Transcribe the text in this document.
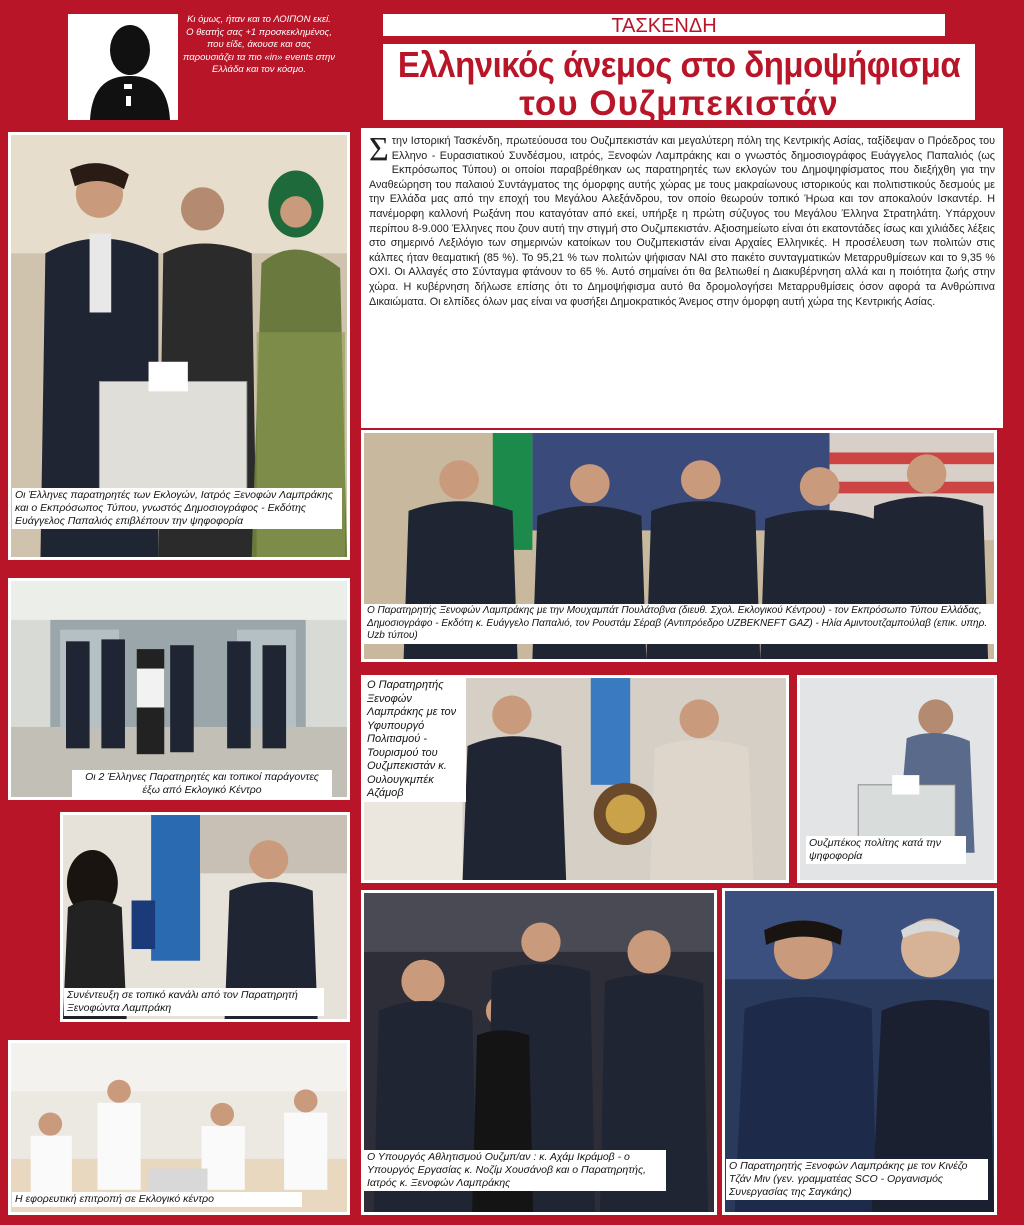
Κι όμως, ήταν και το ΛΟΙΠΟΝ εκεί. Ο θεατής σας +1 προσκεκλημένος, που είδε, άκουσε και σας παρουσιάζει τα πιο «in» events στην Ελλάδα και τον κόσμο.
ΤΑΣΚΕΝΔΗ
Ελληνικός άνεμος στο δημοψήφισμα
του Ουζμπεκιστάν
Στην Ιστορική Τασκένδη, πρωτεύουσα του Ουζμπεκιστάν και μεγαλύτερη πόλη της Κεντρικής Ασίας, ταξίδεψαν ο Πρόεδρος του Ελληνο - Ευρασιατικού Συνδέσμου, ιατρός, Ξενοφών Λαμπράκης και ο γνωστός δημοσιογράφος Ευάγγελος Παπαλιός (ως Εκπρόσωπος Τύπου) οι οποίοι παραβρέθηκαν ως παρατηρητές των εκλογών του Δημοψηφίσματος που διεξήχθη για την Αναθεώρηση του παλαιού Συντάγματος της όμορφης αυτής χώρας με τους μακραίωνους ιστορικούς και πολιτιστικούς δεσμούς με την Ελλάδα μας από την εποχή του Μεγάλου Αλεξάνδρου, τον οποίο θεωρούν τοπικό Ήρωα και τον αποκαλούν Ισκαντέρ. Η πανέμορφη καλλονή Ρωξάνη που καταγόταν από εκεί, υπήρξε η πρώτη σύζυγος του Μεγάλου Έλληνα Στρατηλάτη. Υπάρχουν περίπου 8-9.000 Έλληνες που ζουν αυτή την στιγμή στο Ουζμπεκιστάν. Αξιοσημείωτο είναι ότι εκατοντάδες ίσως και χιλιάδες λέξεις στο σημερινό Λεξιλόγιο των σημερινών κατοίκων του Ουζμπεκιστάν είναι Αρχαίες Ελληνικές. Η προσέλευση των πολιτών στις κάλπες ήταν θεαματική (85 %). Το 95,21 % των πολιτών ψήφισαν ΝΑΙ στο πακέτο συνταγματικών Μεταρρυθμίσεων και το 9,35 % ΟΧΙ. Οι Αλλαγές στο Σύνταγμα φτάνουν το 65 %. Αυτό σημαίνει ότι θα βελτιωθεί η Διακυβέρνηση αλλά και η ποιότητα ζωής στην χώρα. Η κυβέρνηση δήλωσε επίσης ότι το Δημοψήφισμα αυτό θα δρομολογήσει Μεταρρυθμίσεις όσον αφορά τα Ανθρώπινα Δικαιώματα. Οι ελπίδες όλων μας είναι να φυσήξει Δημοκρατικός Άνεμος στην όμορφη αυτή χώρα της Κεντρικής Ασίας.
Οι Έλληνες παρατηρητές των Εκλογών, Ιατρός Ξενοφών Λαμπράκης και ο Εκπρόσωπος Τύπου, γνωστός Δημοσιογράφος - Εκδότης Ευάγγελος Παπαλιός επιβλέπουν την ψηφοφορία
Ο Παρατηρητής Ξενοφών Λαμπράκης με την Μουχαμπάτ Πουλάτοβνα (διευθ. Σχολ. Εκλογικού Κέντρου) - τον Εκπρόσωπο Τύπου Ελλάδας, Δημοσιογράφο - Εκδότη κ. Ευάγγελο Παπαλιό, τον Ρουστάμ Σέραβ (Αντιπρόεδρο UZBEKNEFT GAZ) - Ηλία Αμιντουτζαμπούλαβ (επικ. υπηρ. Uzb τύπου)
Οι 2 Έλληνες Παρατηρητές και τοπικοί παράγοντες έξω από Εκλογικό Κέντρο
Ο Παρατηρητής Ξενοφών Λαμπράκης με τον Υφυπουργό Πολιτισμού - Τουρισμού του Ουζμπεκιστάν κ. Ουλουγκμπέκ Αζάμοβ
Ουζμπέκος πολίτης κατά την ψηφοφορία
Συνέντευξη σε τοπικό κανάλι από τον Παρατηρητή Ξενοφώντα Λαμπράκη
Ο Υπουργός Αθλητισμού Ουζμπ/αν : κ. Αχάμ Ικράμοβ - ο Υπουργός Εργασίας κ. Νοζίμ Χουσάνοβ και ο Παρατηρητής, Ιατρός κ. Ξενοφών Λαμπράκης
Ο Παρατηρητής Ξενοφών Λαμπράκης με τον Κινέζο Τζάν Μιν (γεν. γραμματέας SCO - Οργανισμός Συνεργασίας της Σαγκάης)
Η εφορευτική επιτροπή σε Εκλογικό κέντρο
